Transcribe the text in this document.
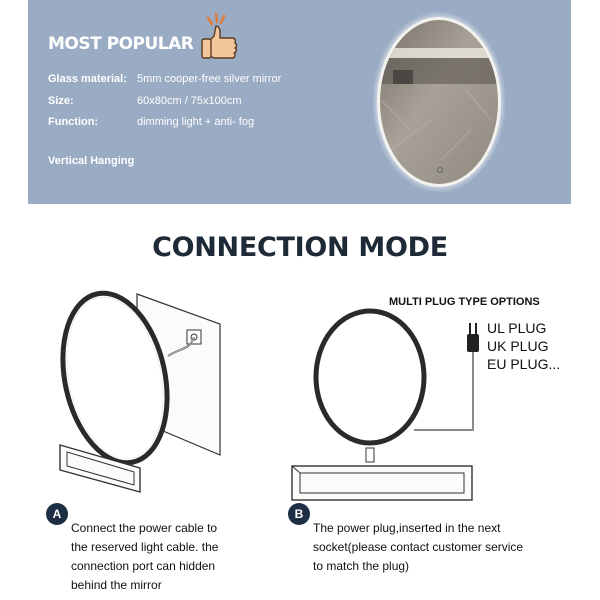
MOST POPULAR
Glass material: 5mm cooper-free silver mirror
Size:	60x80cm / 75x100cm
Function:	dimming light + anti- fog
Vertical Hanging
CONNECTION MODE
MULTI PLUG TYPE OPTIONS
UL PLUG
UK PLUG
EU PLUG...
A
Connect the power cable to
the reserved light cable. the
connection port can hidden
behind the mirror
B
The power plug,inserted in the next
socket(please contact customer service
to match the plug)
